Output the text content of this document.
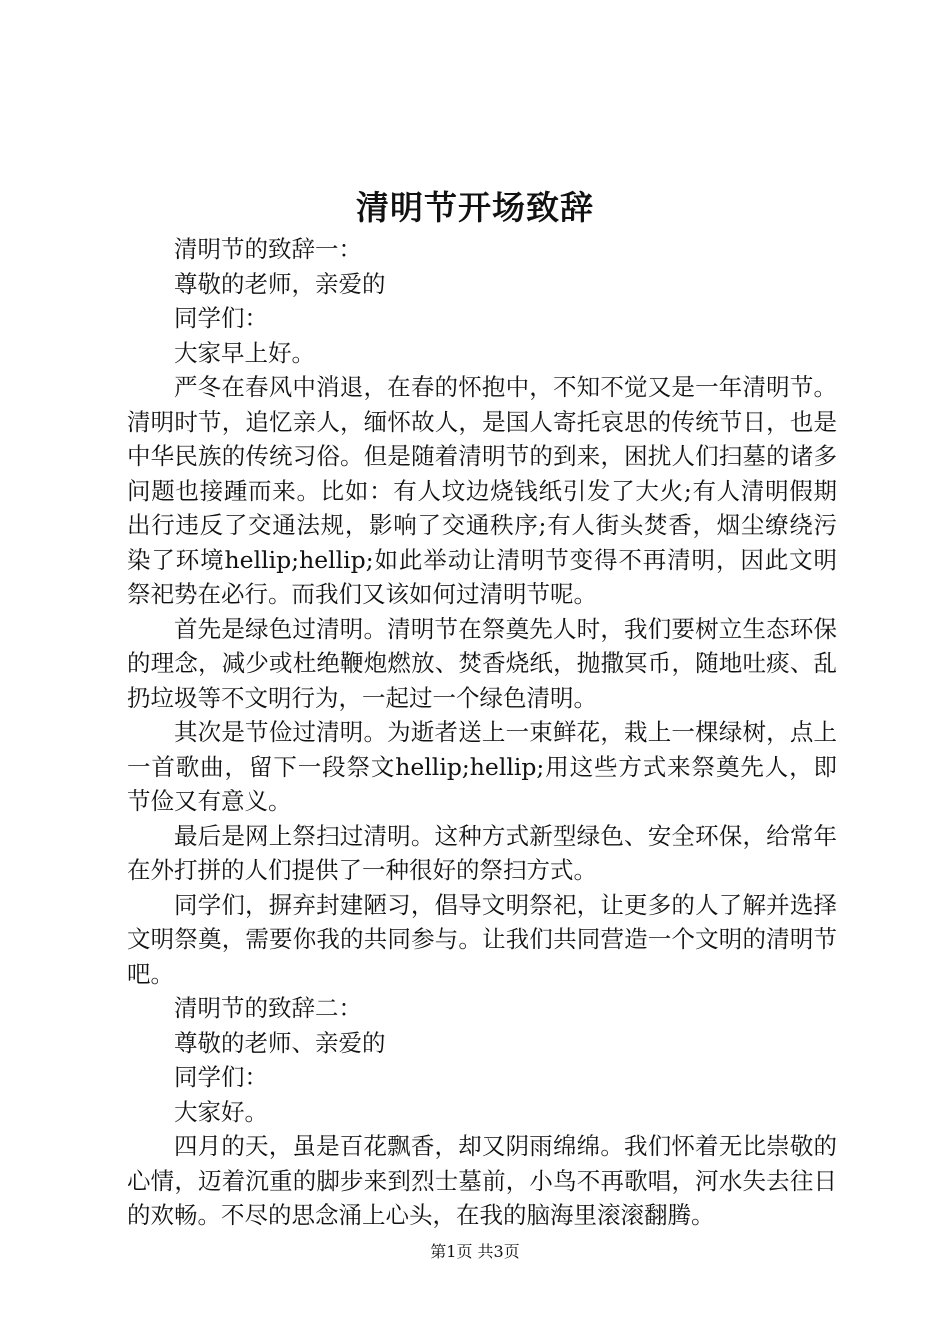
清明节开场致辞

清明节的致辞一：

尊敬的老师，亲爱的

同学们：

大家早上好。

严冬在春风中消退，在春的怀抱中，不知不觉又是一年清明节。清明时节，追忆亲人，缅怀故人，是国人寄托哀思的传统节日，也是中华民族的传统习俗。但是随着清明节的到来，困扰人们扫墓的诸多问题也接踵而来。比如：有人坟边烧钱纸引发了大火;有人清明假期出行违反了交通法规，影响了交通秩序;有人街头焚香，烟尘缭绕污染了环境hellip;hellip;如此举动让清明节变得不再清明，因此文明祭祀势在必行。而我们又该如何过清明节呢。

首先是绿色过清明。清明节在祭奠先人时，我们要树立生态环保的理念，减少或杜绝鞭炮燃放、焚香烧纸，抛撒冥币，随地吐痰、乱扔垃圾等不文明行为，一起过一个绿色清明。

其次是节俭过清明。为逝者送上一束鲜花，栽上一棵绿树，点上一首歌曲，留下一段祭文hellip;hellip;用这些方式来祭奠先人，即节俭又有意义。

最后是网上祭扫过清明。这种方式新型绿色、安全环保，给常年在外打拼的人们提供了一种很好的祭扫方式。

同学们，摒弃封建陋习，倡导文明祭祀，让更多的人了解并选择文明祭奠，需要你我的共同参与。让我们共同营造一个文明的清明节吧。

清明节的致辞二：

尊敬的老师、亲爱的

同学们：

大家好。

四月的天，虽是百花飘香，却又阴雨绵绵。我们怀着无比崇敬的心情，迈着沉重的脚步来到烈士墓前，小鸟不再歌唱，河水失去往日的欢畅。不尽的思念涌上心头，在我的脑海里滚滚翻腾。

第1页 共3页
